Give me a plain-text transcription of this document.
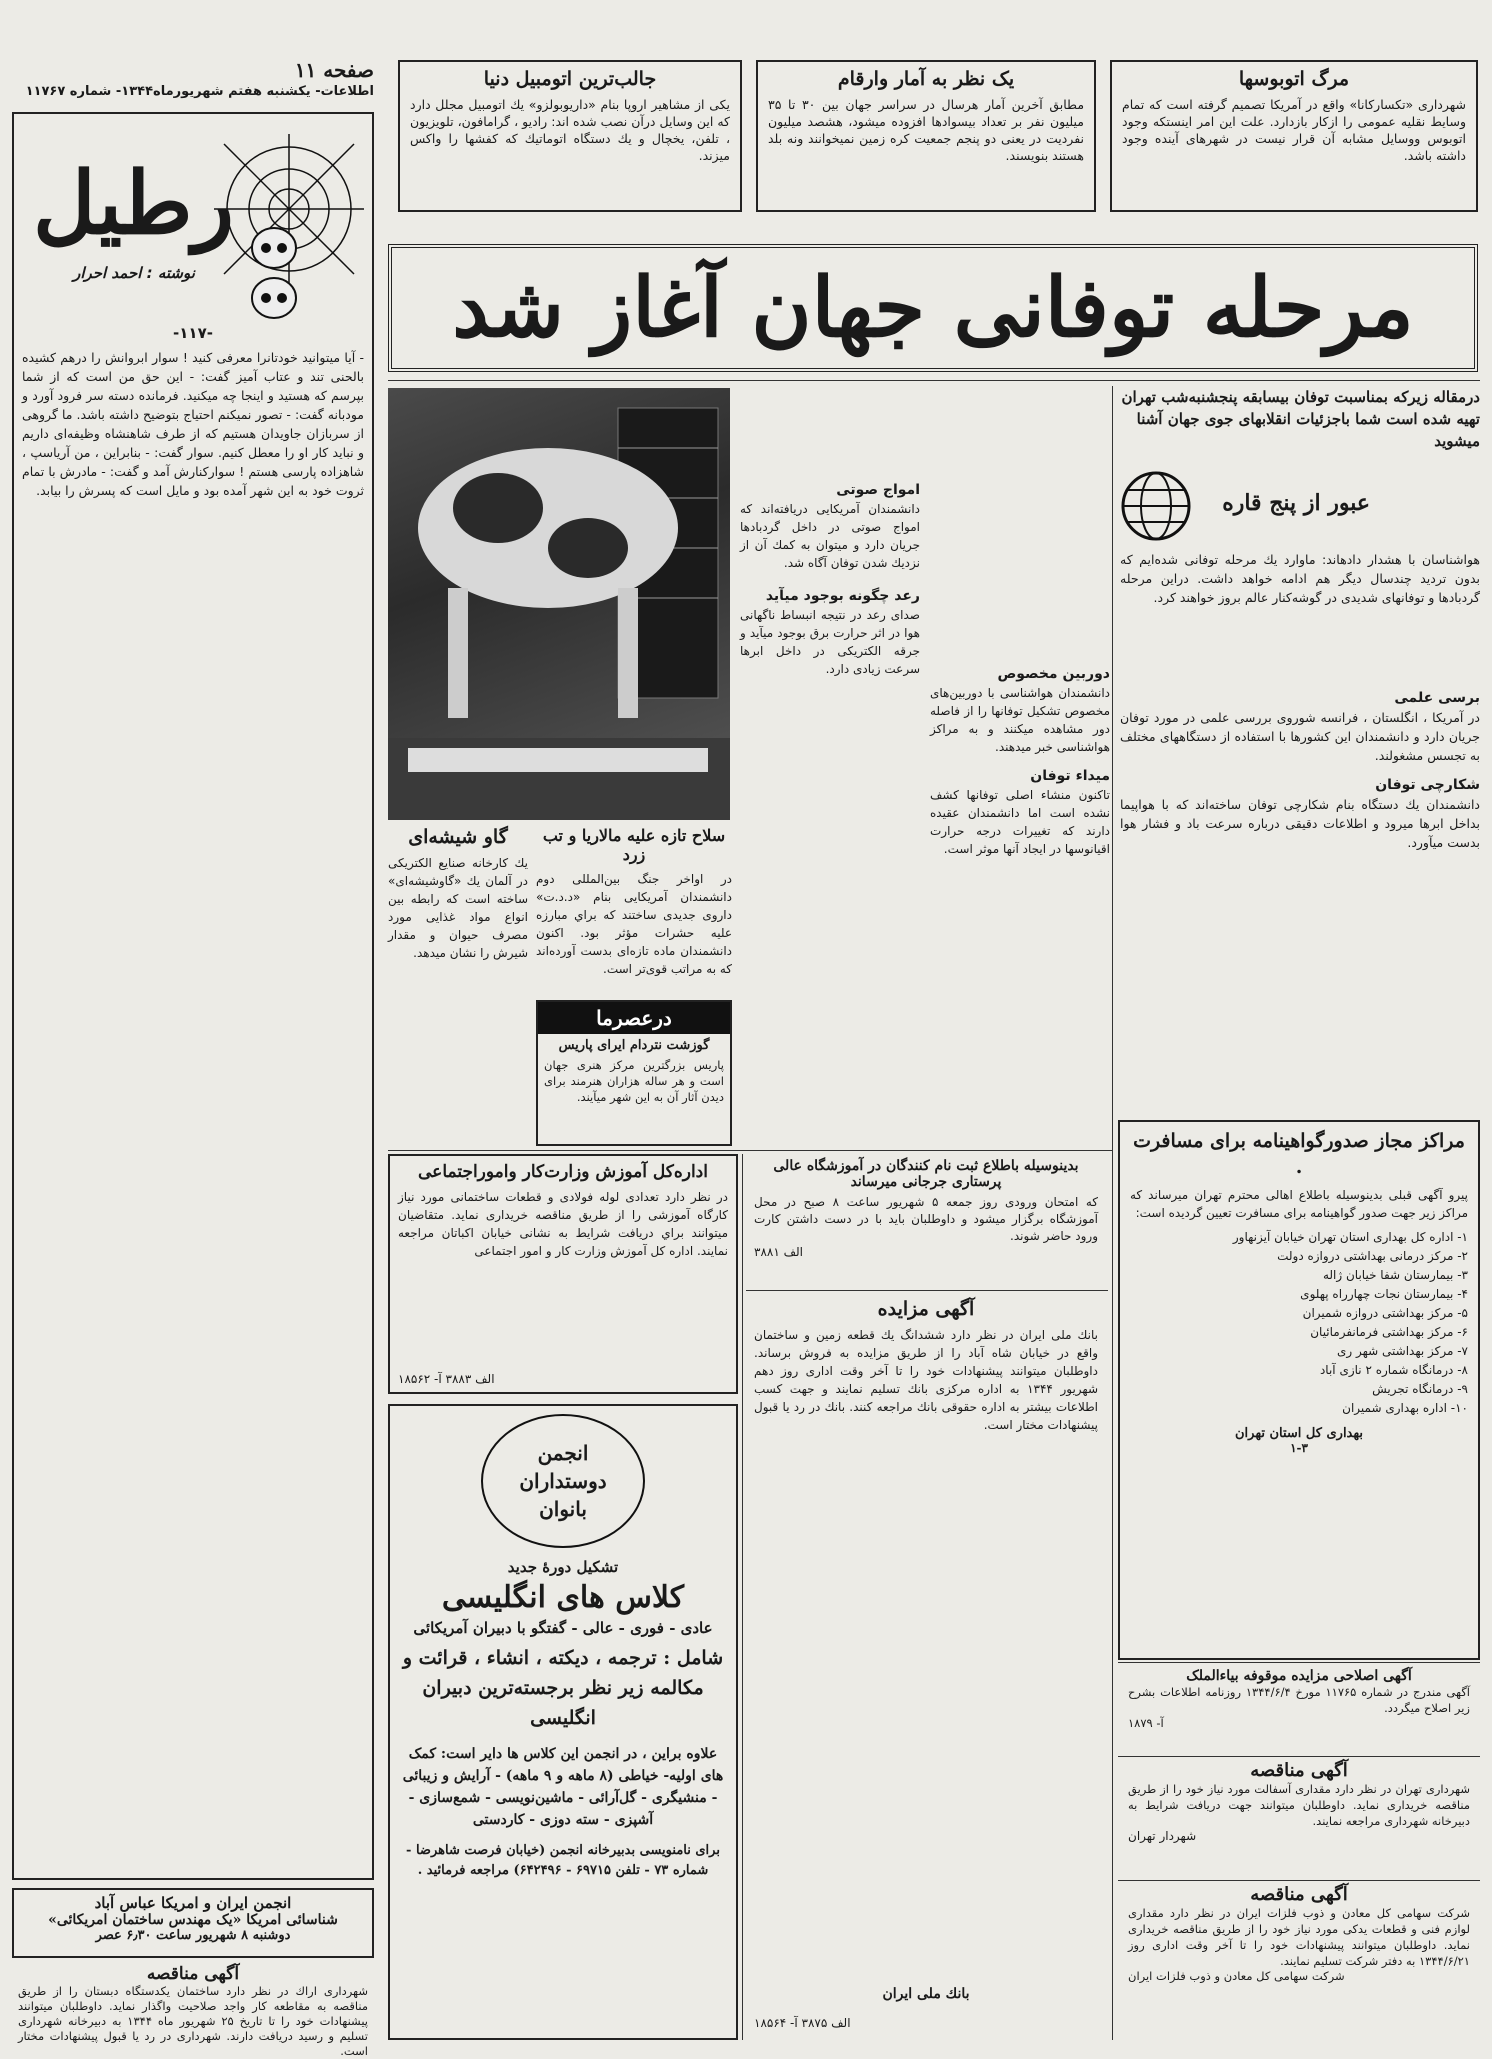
صفحه ۱۱
اطلاعات- یکشنبه هفتم شهریورماه۱۳۴۴- شماره ۱۱۷۶۷
مرگ اتوبوسها
شهرداری «تکساركانا» واقع در آمريكا تصميم گرفته است كه تمام وسايط نقليه عمومی را ازكار بازدارد. علت این امر اینستكه وجود اتوبوس ووسایل مشابه آن قرار نيست در شهرهای آينده وجود داشته باشد.
یک نظر به آمار وارقام
مطابق آخرين آمار هرسال در سراسر جهان بين ۳۰ تا ۳۵ ميليون نفر بر تعداد بيسوادها افزوده ميشود، هشصد ميليون نفرديت در يعنی دو پنجم جمعيت کره زمين نميخوانند ونه بلد هستند بنويسند.
جالب‌ترين اتومبيل دنيا
یکی از مشاهیر اروپا بنام «داريوبولزو» يك اتومبيل مجلل دارد كه اين وسايل درآن نصب شده اند: راديو ، گرامافون، تلويزيون ، تلفن، يخچال و يك دستگاه اتوماتيك كه كفشها را واكس ميزند.
ر‌طیل
نوشته : احمد احرار
-۱۱۷-
- آيا ميتوانيد خودتانرا معرفی كنيد ! سوار ابروانش را درهم كشيده بالحنی تند و عتاب آميز گفت: - اين حق من است كه از شما بپرسم كه هستيد و اينجا چه ميكنيد. فرمانده دسته سر فرود آورد و مودبانه گفت: - تصور نميكنم احتياج بتوضيح داشته باشد. ما گروهی از سربازان جاويدان هستيم كه از طرف شاهنشاه وظيفه‌ای داريم و نبايد كار او را معطل كنيم. سوار گفت: - بنابراين ، من آرياسپ ، شاهزاده پارسی هستم ! سواركنارش آمد و گفت: - مادرش با تمام ثروت خود به اين شهر آمده بود و مايل است كه پسرش را بيابد.
انجمن ایران و امریکا عباس آباد
شناسائی امریکا «یک مهندس ساختمان امریکائی»
دوشنبه ۸ شهریور ساعت ۶٫۳۰ عصر
آگهی مناقصه
شهرداری اراك در نظر دارد ساختمان يكدستگاه دبستان را از طريق مناقصه به مقاطعه كار واجد صلاحيت واگذار نمايد. داوطلبان ميتوانند پيشنهادات خود را تا تاريخ ۲۵ شهريور ماه ۱۳۴۴ به دبيرخانه شهرداری تسليم و رسيد دريافت دارند. شهرداری در رد يا قبول پيشنهادات مختار است.
مرحله توفانی جهان آغاز شد
درمقاله زیرکه بمناسبت توفان بیسابقه پنجشنبه‌شب تهران تهیه شده است شما باجزئیات انقلابهای جوی جهان آشنا میشوید
عبور از پنج قاره
هواشناسان با هشدار دادهاند: ماوارد يك مرحله توفانى شده‌ايم كه بدون ترديد چندسال ديگر هم ادامه خواهد داشت. دراين مرحله گردبادها و توفانهاى شديدى در گوشه‌كنار عالم بروز خواهند كرد.
برسی علمی
در آمريكا ، انگلستان ، فرانسه شوروی بررسی علمی در مورد توفان جريان دارد و دانشمندان اين كشورها با استفاده از دستگاههای مختلف به تجسس مشغولند.
شکارچی توفان
دانشمندان يك دستگاه بنام شكارچی توفان ساخته‌اند كه با هواپيما بداخل ابرها ميرود و اطلاعات دقيقی درباره سرعت باد و فشار هوا بدست ميآورد.
دوربین مخصوص
دانشمندان هواشناسی با دوربين‌های مخصوص تشكيل توفانها را از فاصله دور مشاهده ميكنند و به مراكز هواشناسی خبر ميدهند.
میداء توفان
تاكنون منشاء اصلی توفانها كشف نشده است اما دانشمندان عقيده دارند كه تغييرات درجه حرارت اقيانوسها در ايجاد آنها موثر است.
امواج صوتی
دانشمندان آمريكايی دريافته‌اند كه امواج صوتی در داخل گردبادها جريان دارد و ميتوان به كمك آن از نزديك شدن توفان آگاه شد.
رعد چگونه بوجود میآید
صدای رعد در نتيجه انبساط ناگهانی هوا در اثر حرارت برق بوجود ميآيد و جرقه الكتريكی در داخل ابرها سرعت زيادی دارد.
گاو شیشه‌ای
يك كارخانه صنايع الكتريكی در آلمان يك «گاوشيشه‌ای» ساخته است كه رابطه بين انواع مواد غذايی مورد مصرف حيوان و مقدار شيرش را نشان ميدهد.
سلاح تازه علیه مالاریا و تب زرد
در اواخر جنگ بين‌المللی دوم دانشمندان آمريكايی بنام «د.د.ت» داروی جديدی ساختند كه براي مبارزه عليه حشرات مؤثر بود. اكنون دانشمندان ماده تازه‌ای بدست آورده‌اند كه به مراتب قوی‌تر است.
درعصرما
گوزشت نتردام ایرای پاریس
پاريس بزرگترين مركز هنری جهان است و هر ساله هزاران هنرمند برای ديدن آثار آن به اين شهر ميآيند.
اداره‌کل آموزش وزارت‌کار وامور‌اجتماعی
در نظر دارد تعدادی لوله فولادی و قطعات ساختمانی مورد نياز كارگاه آموزشی را از طريق مناقصه خريداری نمايد. متقاضيان ميتوانند براي دريافت شرايط به نشانی خيابان اكباتان مراجعه نمايند. اداره كل آموزش وزارت كار و امور اجتماعی
الف ۳۸۸۳ آ- ۱۸۵۶۲
بدینوسیله باطلاع ثبت نام کنندگان در آموزشگاه عالی پرستاری جرجانی میرساند
كه امتحان ورودی روز جمعه ۵ شهريور ساعت ۸ صبح در محل آموزشگاه برگزار ميشود و داوطلبان بايد با در دست داشتن كارت ورود حاضر شوند.
الف ۳۸۸۱
آگهی مزایده
بانك ملی ايران در نظر دارد ششدانگ يك قطعه زمين و ساختمان واقع در خيابان شاه آباد را از طريق مزايده به فروش برساند. داوطلبان ميتوانند پيشنهادات خود را تا آخر وقت اداری روز دهم شهريور ۱۳۴۴ به اداره مركزی بانك تسليم نمايند و جهت كسب اطلاعات بيشتر به اداره حقوقی بانك مراجعه كنند. بانك در رد يا قبول پيشنهادات مختار است.
بانك ملی ايران
الف ۳۸۷۵ آ- ۱۸۵۶۴
انجمن دوستداران بانوان
تشکیل دورهٔ جدید
کلاس های انگلیسی
عادی - فوری - عالی - گفتگو با دبیران آمریکائی
شامل : ترجمه ، دیکته ، انشاء ، قرائت و مکالمه زیر نظر برجسته‌ترین دبیران انگلیسی
علاوه براین ، در انجمن این کلاس ها دایر است: کمک های اولیه- خیاطی (۸ ماهه و ۹ ماهه) - آرایش و زیبائی - منشیگری - گل‌آرائی - ماشین‌نویسی - شمع‌سازی - آشپزی - سته دوزی - کاردستی
برای نامنویسی بدبیرخانه انجمن (خیابان فرصت شاهرضا - شماره ۷۳ - تلفن ۶۹۷۱۵ - ۶۴۲۴۹۶) مراجعه فرمائید .
مراکز مجاز صدورگواهینامه برای مسافرت .
پيرو آگهی قبلی بدينوسيله باطلاع اهالی محترم تهران ميرساند كه مراكز زير جهت صدور گواهينامه برای مسافرت تعيين گرديده است:
۱- اداره كل بهداری استان تهران خيابان آيزنهاور
۲- مركز درمانی بهداشتی دروازه دولت
۳- بيمارستان شفا خيابان ژاله
۴- بيمارستان نجات چهارراه پهلوی
۵- مركز بهداشتی دروازه شميران
۶- مركز بهداشتی فرمانفرمائيان
۷- مركز بهداشتی شهر ری
۸- درمانگاه شماره ۲ نازی آباد
۹- درمانگاه تجريش
۱۰- اداره بهداری شميران
بهداری كل استان تهران
۱-۳
آگهی اصلاحی مزایده موقوفه بیاءالملک
آگهی مندرج در شماره ۱۱۷۶۵ مورخ ۱۳۴۴/۶/۴ روزنامه اطلاعات بشرح زير اصلاح ميگردد.
آ- ۱۸۷۹
آگهی مناقصه
شهرداری تهران در نظر دارد مقداری آسفالت مورد نياز خود را از طريق مناقصه خريداری نمايد. داوطلبان ميتوانند جهت دريافت شرايط به دبيرخانه شهرداری مراجعه نمايند.
شهردار تهران
آگهی مناقصه
شركت سهامی كل معادن و ذوب فلزات ايران در نظر دارد مقداری لوازم فنی و قطعات يدكی مورد نياز خود را از طريق مناقصه خريداری نمايد. داوطلبان ميتوانند پيشنهادات خود را تا آخر وقت اداری روز ۱۳۴۴/۶/۲۱ به دفتر شركت تسليم نمايند.
شركت سهامی كل معادن و ذوب فلزات ايران
